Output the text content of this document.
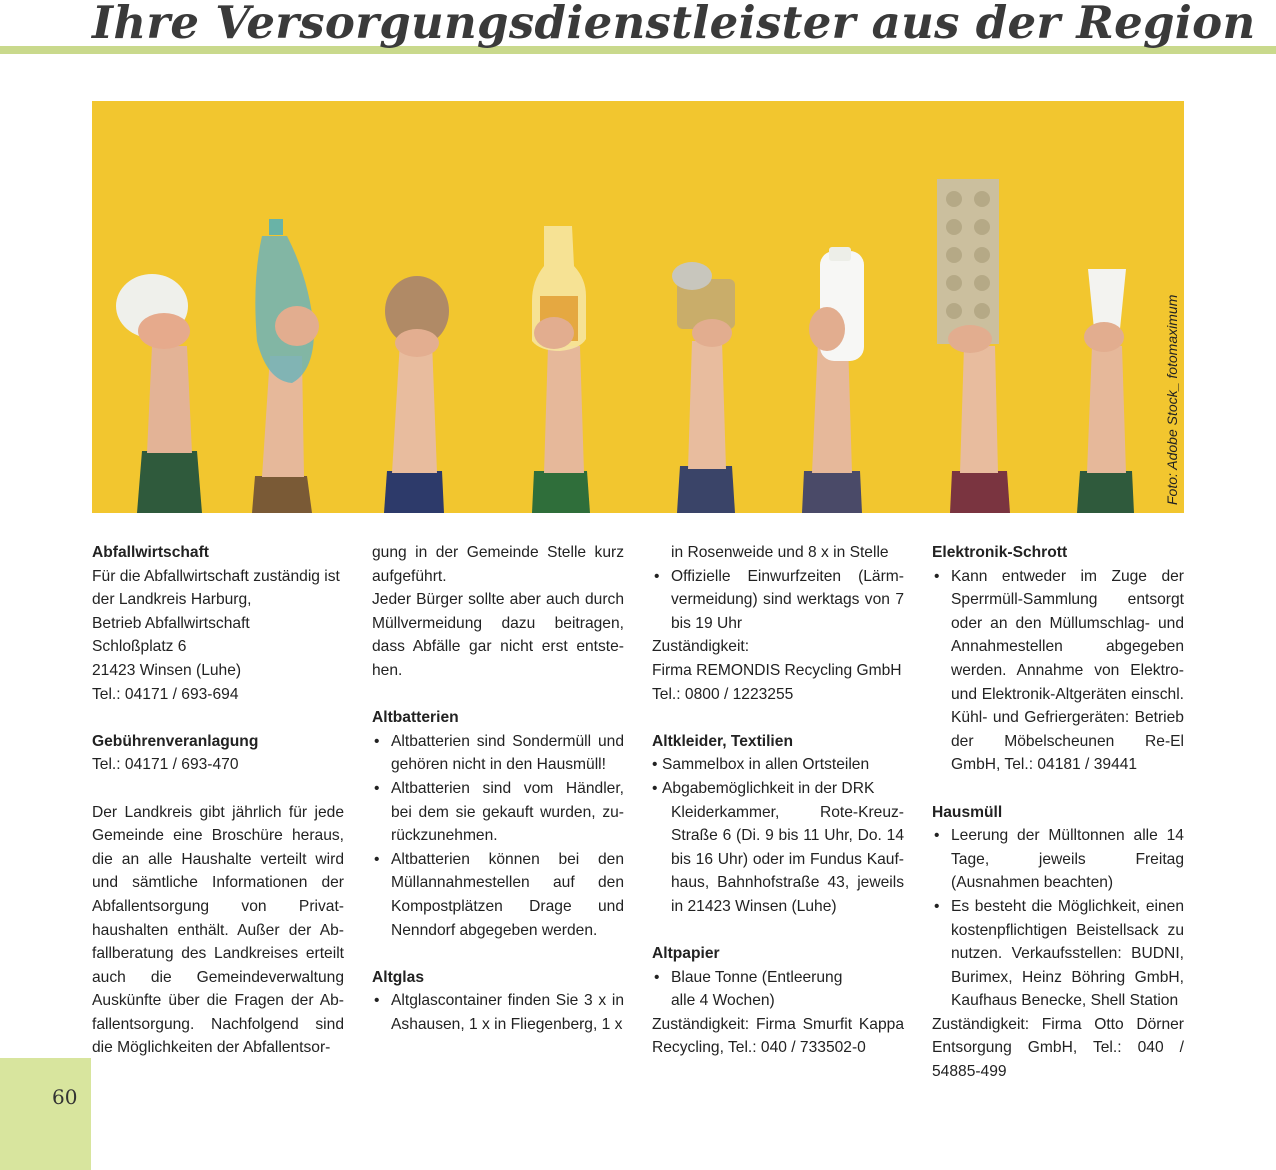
Ihre Versorgungsdienstleister aus der Region
Foto: Adobe Stock_ fotomaximum
Abfallwirtschaft
Für die Abfallwirtschaft zuständig ist
der Landkreis Harburg,
Betrieb Abfallwirtschaft
Schloßplatz 6
21423 Winsen (Luhe)
Tel.: 04171 / 693-694
Gebührenveranlagung
Tel.: 04171 / 693-470

Der Landkreis gibt jährlich für jede Gemeinde eine Broschüre heraus, die an alle Haushalte verteilt wird und sämtliche Informationen der Abfallentsorgung von Privathaushalten enthält. Außer der Abfallberatung des Landkreises erteilt auch die Gemeindeverwaltung Auskünfte über die Fragen der Abfallentsorgung. Nachfolgend sind die Möglichkeiten der Abfallentsor-

gung in der Gemeinde Stelle kurz aufgeführt.

Jeder Bürger sollte aber auch durch Müllvermeidung dazu beitragen, dass Abfälle gar nicht erst entstehen.

Altbatterien
• Altbatterien sind Sondermüll und gehören nicht in den Hausmüll!
• Altbatterien sind vom Händler, bei dem sie gekauft wurden, zurückzunehmen.
• Altbatterien können bei den Müllannahmestellen auf den Kompostplätzen Drage und Nenndorf abgegeben werden.
Altglas
• Altglascontainer finden Sie 3 x in Ashausen, 1 x in Fliegenberg, 1 x
in Rosenweide und 8 x in Stelle
• Offizielle Einwurfzeiten (Lärmvermeidung) sind werktags von 7 bis 19 Uhr
Zuständigkeit:
Firma REMONDIS Recycling GmbH
Tel.: 0800 / 1223255
Altkleider, Textilien
• Sammelbox in allen Ortsteilen
• Abgabemöglichkeit in der DRK

Kleiderkammer, Rote-Kreuz-Straße 6 (Di. 9 bis 11 Uhr, Do. 14 bis 16 Uhr) oder im Fundus Kaufhaus, Bahnhofstraße 43, jeweils in 21423 Winsen (Luhe)

Altpapier
• Blaue Tonne (Entleerung
alle 4 Wochen)

Zuständigkeit: Firma Smurfit Kappa Recycling, Tel.: 040 / 733502-0

Elektronik-Schrott
• Kann entweder im Zuge der Sperrmüll-Sammlung entsorgt oder an den Müllumschlag- und Annahmestellen abgegeben werden. Annahme von Elektro- und Elektronik-Altgeräten einschl. Kühl- und Gefriergeräten: Betrieb der Möbelscheunen Re-El GmbH, Tel.: 04181 / 39441
Hausmüll
• Leerung der Mülltonnen alle 14 Tage, jeweils Freitag (Ausnahmen beachten)
• Es besteht die Möglichkeit, einen kostenpflichtigen Beistellsack zu nutzen. Verkaufsstellen: BUDNI, Burimex, Heinz Böhring GmbH, Kaufhaus Benecke, Shell Station

Zuständigkeit: Firma Otto Dörner Entsorgung GmbH, Tel.: 040 / 54885-499

60
